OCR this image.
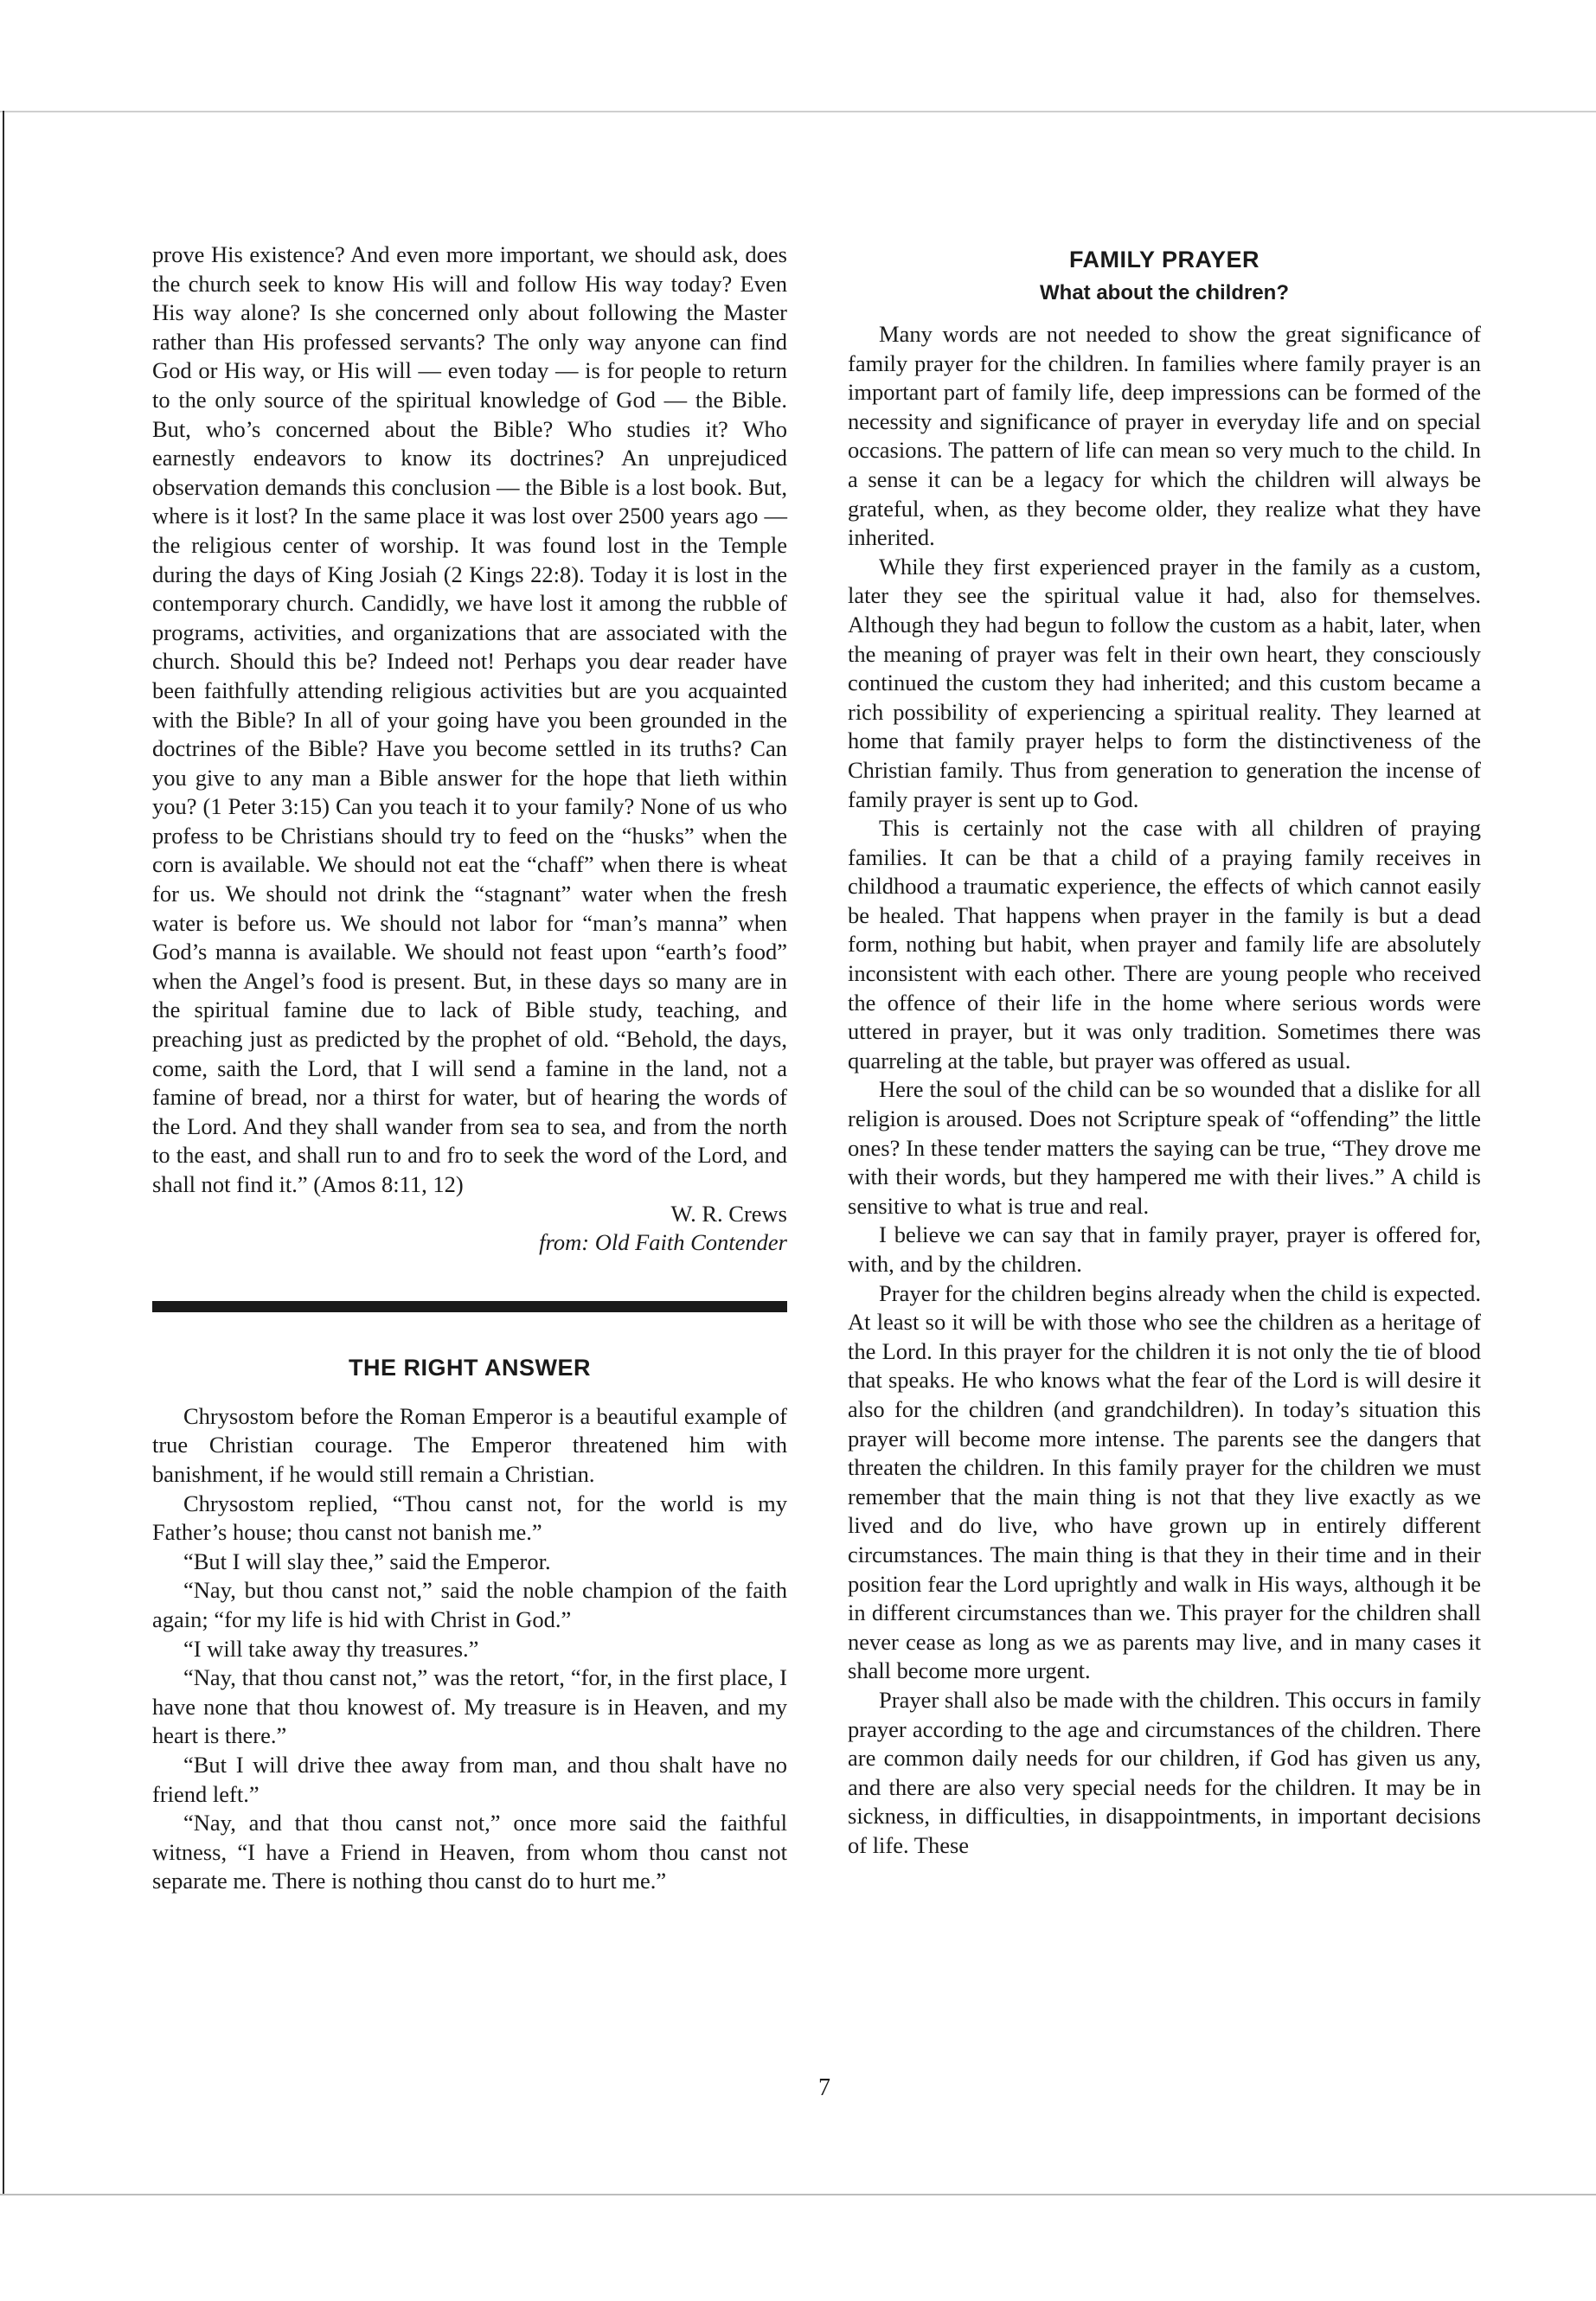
prove His existence? And even more important, we should ask, does the church seek to know His will and follow His way today? Even His way alone? Is she concerned only about following the Master rather than His professed servants? The only way anyone can find God or His way, or His will — even today — is for people to return to the only source of the spiritual knowledge of God — the Bible. But, who’s concerned about the Bible? Who studies it? Who earnestly endeavors to know its doctrines? An unprejudiced observation demands this conclusion — the Bible is a lost book. But, where is it lost? In the same place it was lost over 2500 years ago — the religious center of worship. It was found lost in the Temple during the days of King Josiah (2 Kings 22:8). Today it is lost in the contemporary church. Candidly, we have lost it among the rubble of programs, activities, and organizations that are associated with the church. Should this be? Indeed not! Perhaps you dear reader have been faithfully attending religious activities but are you acquainted with the Bible? In all of your going have you been grounded in the doctrines of the Bible? Have you become settled in its truths? Can you give to any man a Bible answer for the hope that lieth within you? (1 Peter 3:15) Can you teach it to your family? None of us who profess to be Christians should try to feed on the “husks” when the corn is available. We should not eat the “chaff” when there is wheat for us. We should not drink the “stagnant” water when the fresh water is before us. We should not labor for “man’s manna” when God’s manna is available. We should not feast upon “earth’s food” when the Angel’s food is present. But, in these days so many are in the spiritual famine due to lack of Bible study, teaching, and preaching just as predicted by the prophet of old. “Behold, the days, come, saith the Lord, that I will send a famine in the land, not a famine of bread, nor a thirst for water, but of hearing the words of the Lord. And they shall wander from sea to sea, and from the north to the east, and shall run to and fro to seek the word of the Lord, and shall not find it.” (Amos 8:11, 12)

W. R. Crews

from: Old Faith Contender

THE RIGHT ANSWER

Chrysostom before the Roman Emperor is a beautiful example of true Christian courage. The Emperor threatened him with banishment, if he would still remain a Christian.

Chrysostom replied, “Thou canst not, for the world is my Father’s house; thou canst not banish me.”

“But I will slay thee,” said the Emperor.

“Nay, but thou canst not,” said the noble champion of the faith again; “for my life is hid with Christ in God.”

“I will take away thy treasures.”

“Nay, that thou canst not,” was the retort, “for, in the first place, I have none that thou knowest of. My treasure is in Heaven, and my heart is there.”

“But I will drive thee away from man, and thou shalt have no friend left.”

“Nay, and that thou canst not,” once more said the faithful witness, “I have a Friend in Heaven, from whom thou canst not separate me. There is nothing thou canst do to hurt me.”

FAMILY PRAYER
What about the children?

Many words are not needed to show the great significance of family prayer for the children. In families where family prayer is an important part of family life, deep impressions can be formed of the necessity and significance of prayer in everyday life and on special occasions. The pattern of life can mean so very much to the child. In a sense it can be a legacy for which the children will always be grateful, when, as they become older, they realize what they have inherited.

While they first experienced prayer in the family as a custom, later they see the spiritual value it had, also for themselves. Although they had begun to follow the custom as a habit, later, when the meaning of prayer was felt in their own heart, they consciously continued the custom they had inherited; and this custom became a rich possibility of experiencing a spiritual reality. They learned at home that family prayer helps to form the distinctiveness of the Christian family. Thus from generation to generation the incense of family prayer is sent up to God.

This is certainly not the case with all children of praying families. It can be that a child of a praying family receives in childhood a traumatic experience, the effects of which cannot easily be healed. That happens when prayer in the family is but a dead form, nothing but habit, when prayer and family life are absolutely inconsistent with each other. There are young people who received the offence of their life in the home where serious words were uttered in prayer, but it was only tradition. Sometimes there was quarreling at the table, but prayer was offered as usual.

Here the soul of the child can be so wounded that a dislike for all religion is aroused. Does not Scripture speak of “offending” the little ones? In these tender matters the saying can be true, “They drove me with their words, but they hampered me with their lives.” A child is sensitive to what is true and real.

I believe we can say that in family prayer, prayer is offered for, with, and by the children.

Prayer for the children begins already when the child is expected. At least so it will be with those who see the children as a heritage of the Lord. In this prayer for the children it is not only the tie of blood that speaks. He who knows what the fear of the Lord is will desire it also for the children (and grandchildren). In today’s situation this prayer will become more intense. The parents see the dangers that threaten the children. In this family prayer for the children we must remember that the main thing is not that they live exactly as we lived and do live, who have grown up in entirely different circumstances. The main thing is that they in their time and in their position fear the Lord uprightly and walk in His ways, although it be in different circumstances than we. This prayer for the children shall never cease as long as we as parents may live, and in many cases it shall become more urgent.

Prayer shall also be made with the children. This occurs in family prayer according to the age and circumstances of the children. There are common daily needs for our children, if God has given us any, and there are also very special needs for the children. It may be in sickness, in difficulties, in disappointments, in important decisions of life. These

7
